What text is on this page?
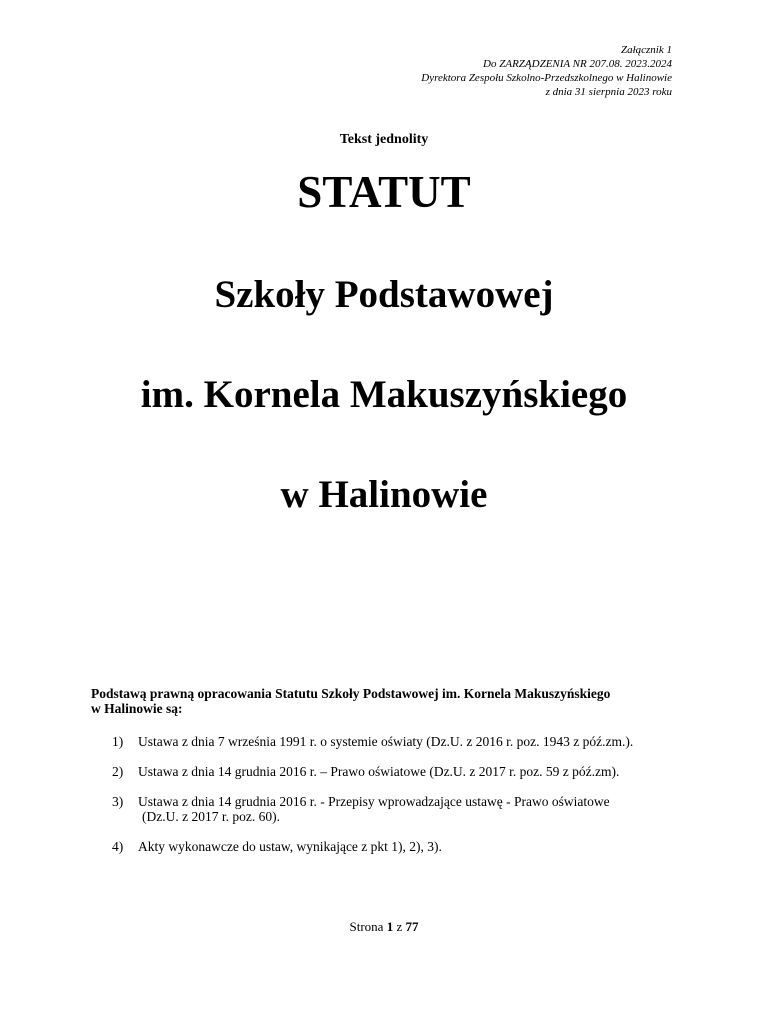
Załącznik 1
Do ZARZĄDZENIA NR 207.08. 2023.2024
Dyrektora Zespołu Szkolno-Przedszkolnego w Halinowie
z dnia 31 sierpnia 2023 roku
Tekst jednolity
STATUT
Szkoły Podstawowej
im. Kornela Makuszyńskiego
w Halinowie
Podstawą prawną opracowania Statutu Szkoły Podstawowej im. Kornela Makuszyńskiego
w Halinowie są:
1)	Ustawa z dnia 7 września 1991 r. o systemie oświaty (Dz.U. z 2016 r. poz. 1943 z póź.zm.).
2)	Ustawa z dnia 14 grudnia 2016 r. – Prawo oświatowe (Dz.U. z 2017 r. poz. 59 z póź.zm).
3)	Ustawa z dnia 14 grudnia 2016 r. - Przepisy wprowadzające ustawę - Prawo oświatowe
(Dz.U. z 2017 r. poz. 60).
4)	Akty wykonawcze do ustaw, wynikające z pkt 1), 2), 3).
Strona 1 z 77
